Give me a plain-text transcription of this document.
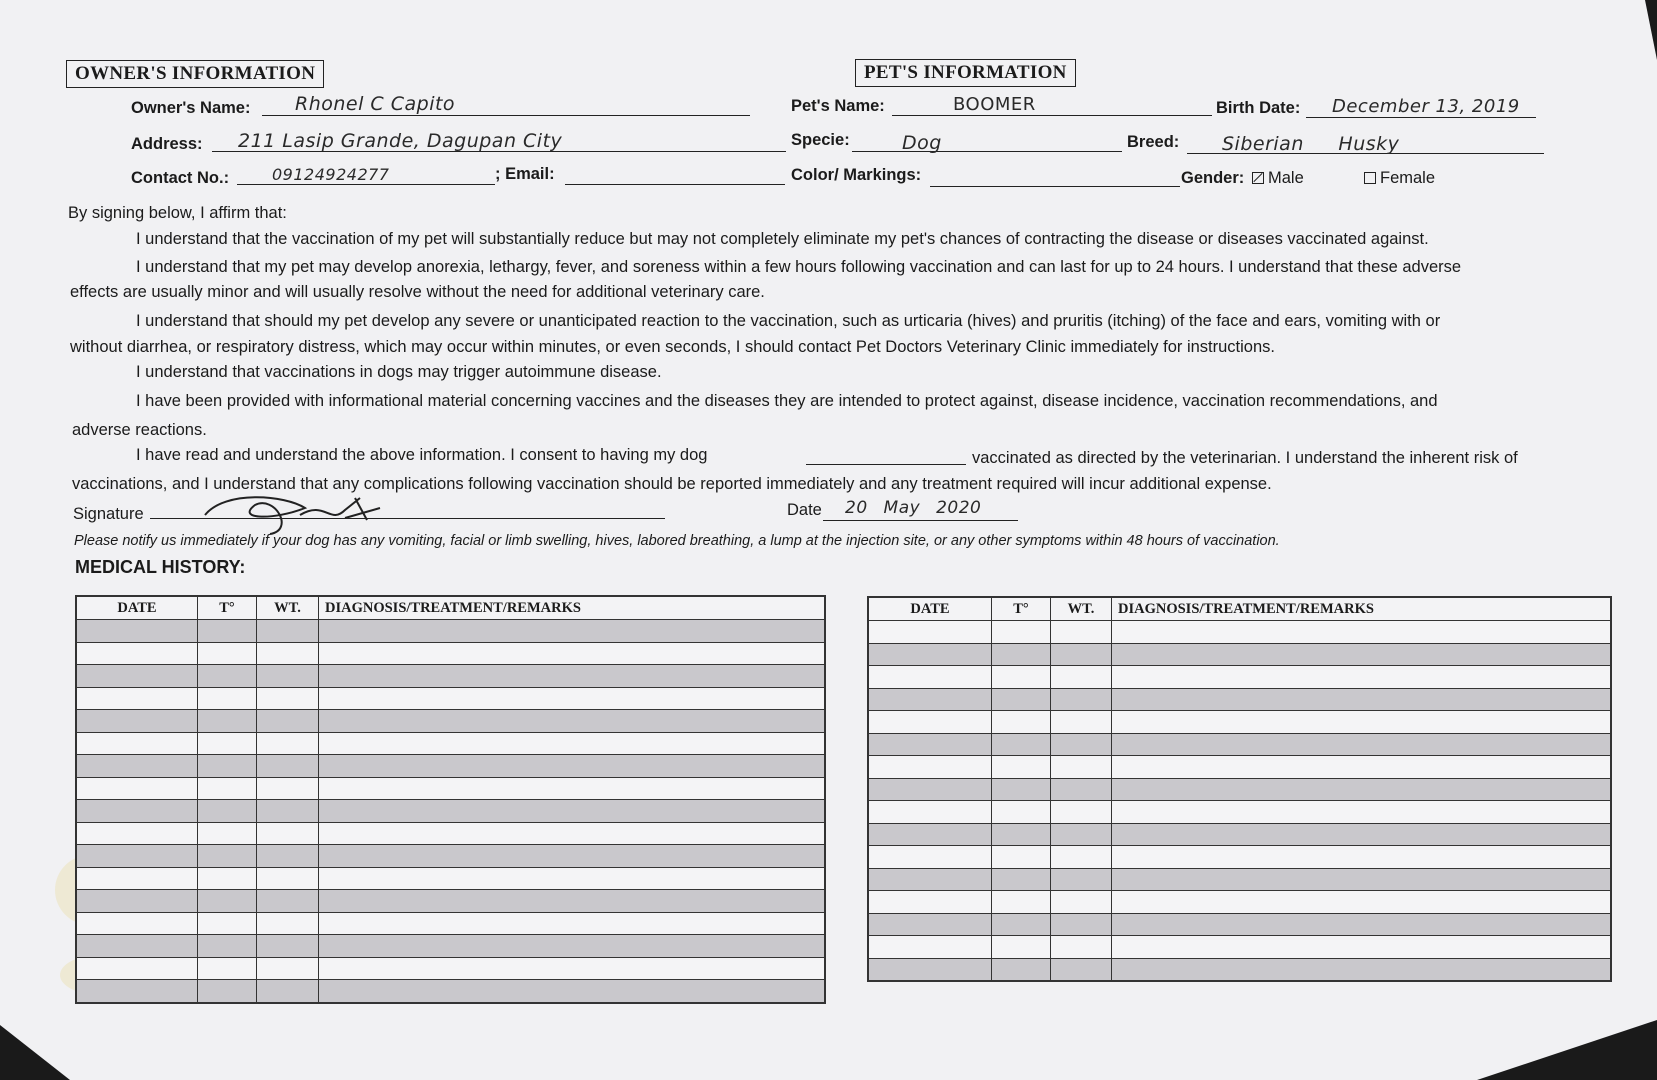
OWNER'S INFORMATION	PET'S INFORMATION
Owner's Name: Rhonel C Capito
Address: 211 Lasip Grande, Dagupan City
Contact No.:	09124924277	; Email:
Pet's Name:	BOOMER	Birth Date: December 13, 2019
Specie:	Dog	Breed: Siberian Husky
Color/ Markings:	Gender:	Male	Female
By signing below, I affirm that:
I understand that the vaccination of my pet will substantially reduce but may not completely eliminate my pet's chances of contracting the disease or diseases vaccinated against.
I understand that my pet may develop anorexia, lethargy, fever, and soreness within a few hours following vaccination and can last for up to 24 hours. I understand that these adverse
effects are usually minor and will usually resolve without the need for additional veterinary care.
I understand that should my pet develop any severe or unanticipated reaction to the vaccination, such as urticaria (hives) and pruritis (itching) of the face and ears, vomiting with or
without diarrhea, or respiratory distress, which may occur within minutes, or even seconds, I should contact Pet Doctors Veterinary Clinic immediately for instructions.
I understand that vaccinations in dogs may trigger autoimmune disease.
I have been provided with informational material concerning vaccines and the diseases they are intended to protect against, disease incidence, vaccination recommendations, and
adverse reactions.
I have read and understand the above information. I consent to having my dog	vaccinated as directed by the veterinarian. I understand the inherent risk of
vaccinations, and I understand that any complications following vaccination should be reported immediately and any treatment required will incur additional expense.
Signature	Date 20 May 2020
Please notify us immediately if your dog has any vomiting, facial or limb swelling, hives, labored breathing, a lump at the injection site, or any other symptoms within 48 hours of vaccination.
MEDICAL HISTORY:
DATE	T°	WT.	DIAGNOSIS/TREATMENT/REMARKS

				DATE	T°	WT.	DIAGNOSIS/TREATMENT/REMARKS
